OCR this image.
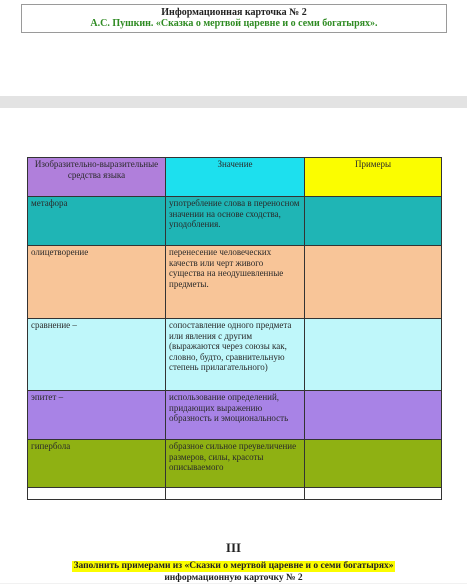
Информационная карточка № 2
А.С. Пушкин. «Сказка о мертвой царевне и о семи богатырях».
Изобразительно-выразительные средства языка	Значение	Примеры
метафора	употребление слова в переносном значении на основе сходства, уподобления.	
олицетворение	перенесение человеческих качеств или черт живого существа на неодушевленные предметы.	
сравнение –	сопоставление одного предмета или явления с другим (выражаются через союзы как, словно, будто, сравнительную степень прилагательного)	
эпитет –	использование определений, придающих выражению образность и эмоциональность	
гипербола	образное сильное преувеличение размеров, силы, красоты описываемого	

III
Заполнить примерами из «Сказки о мертвой царевне и о семи богатырях»
информационную карточку № 2
